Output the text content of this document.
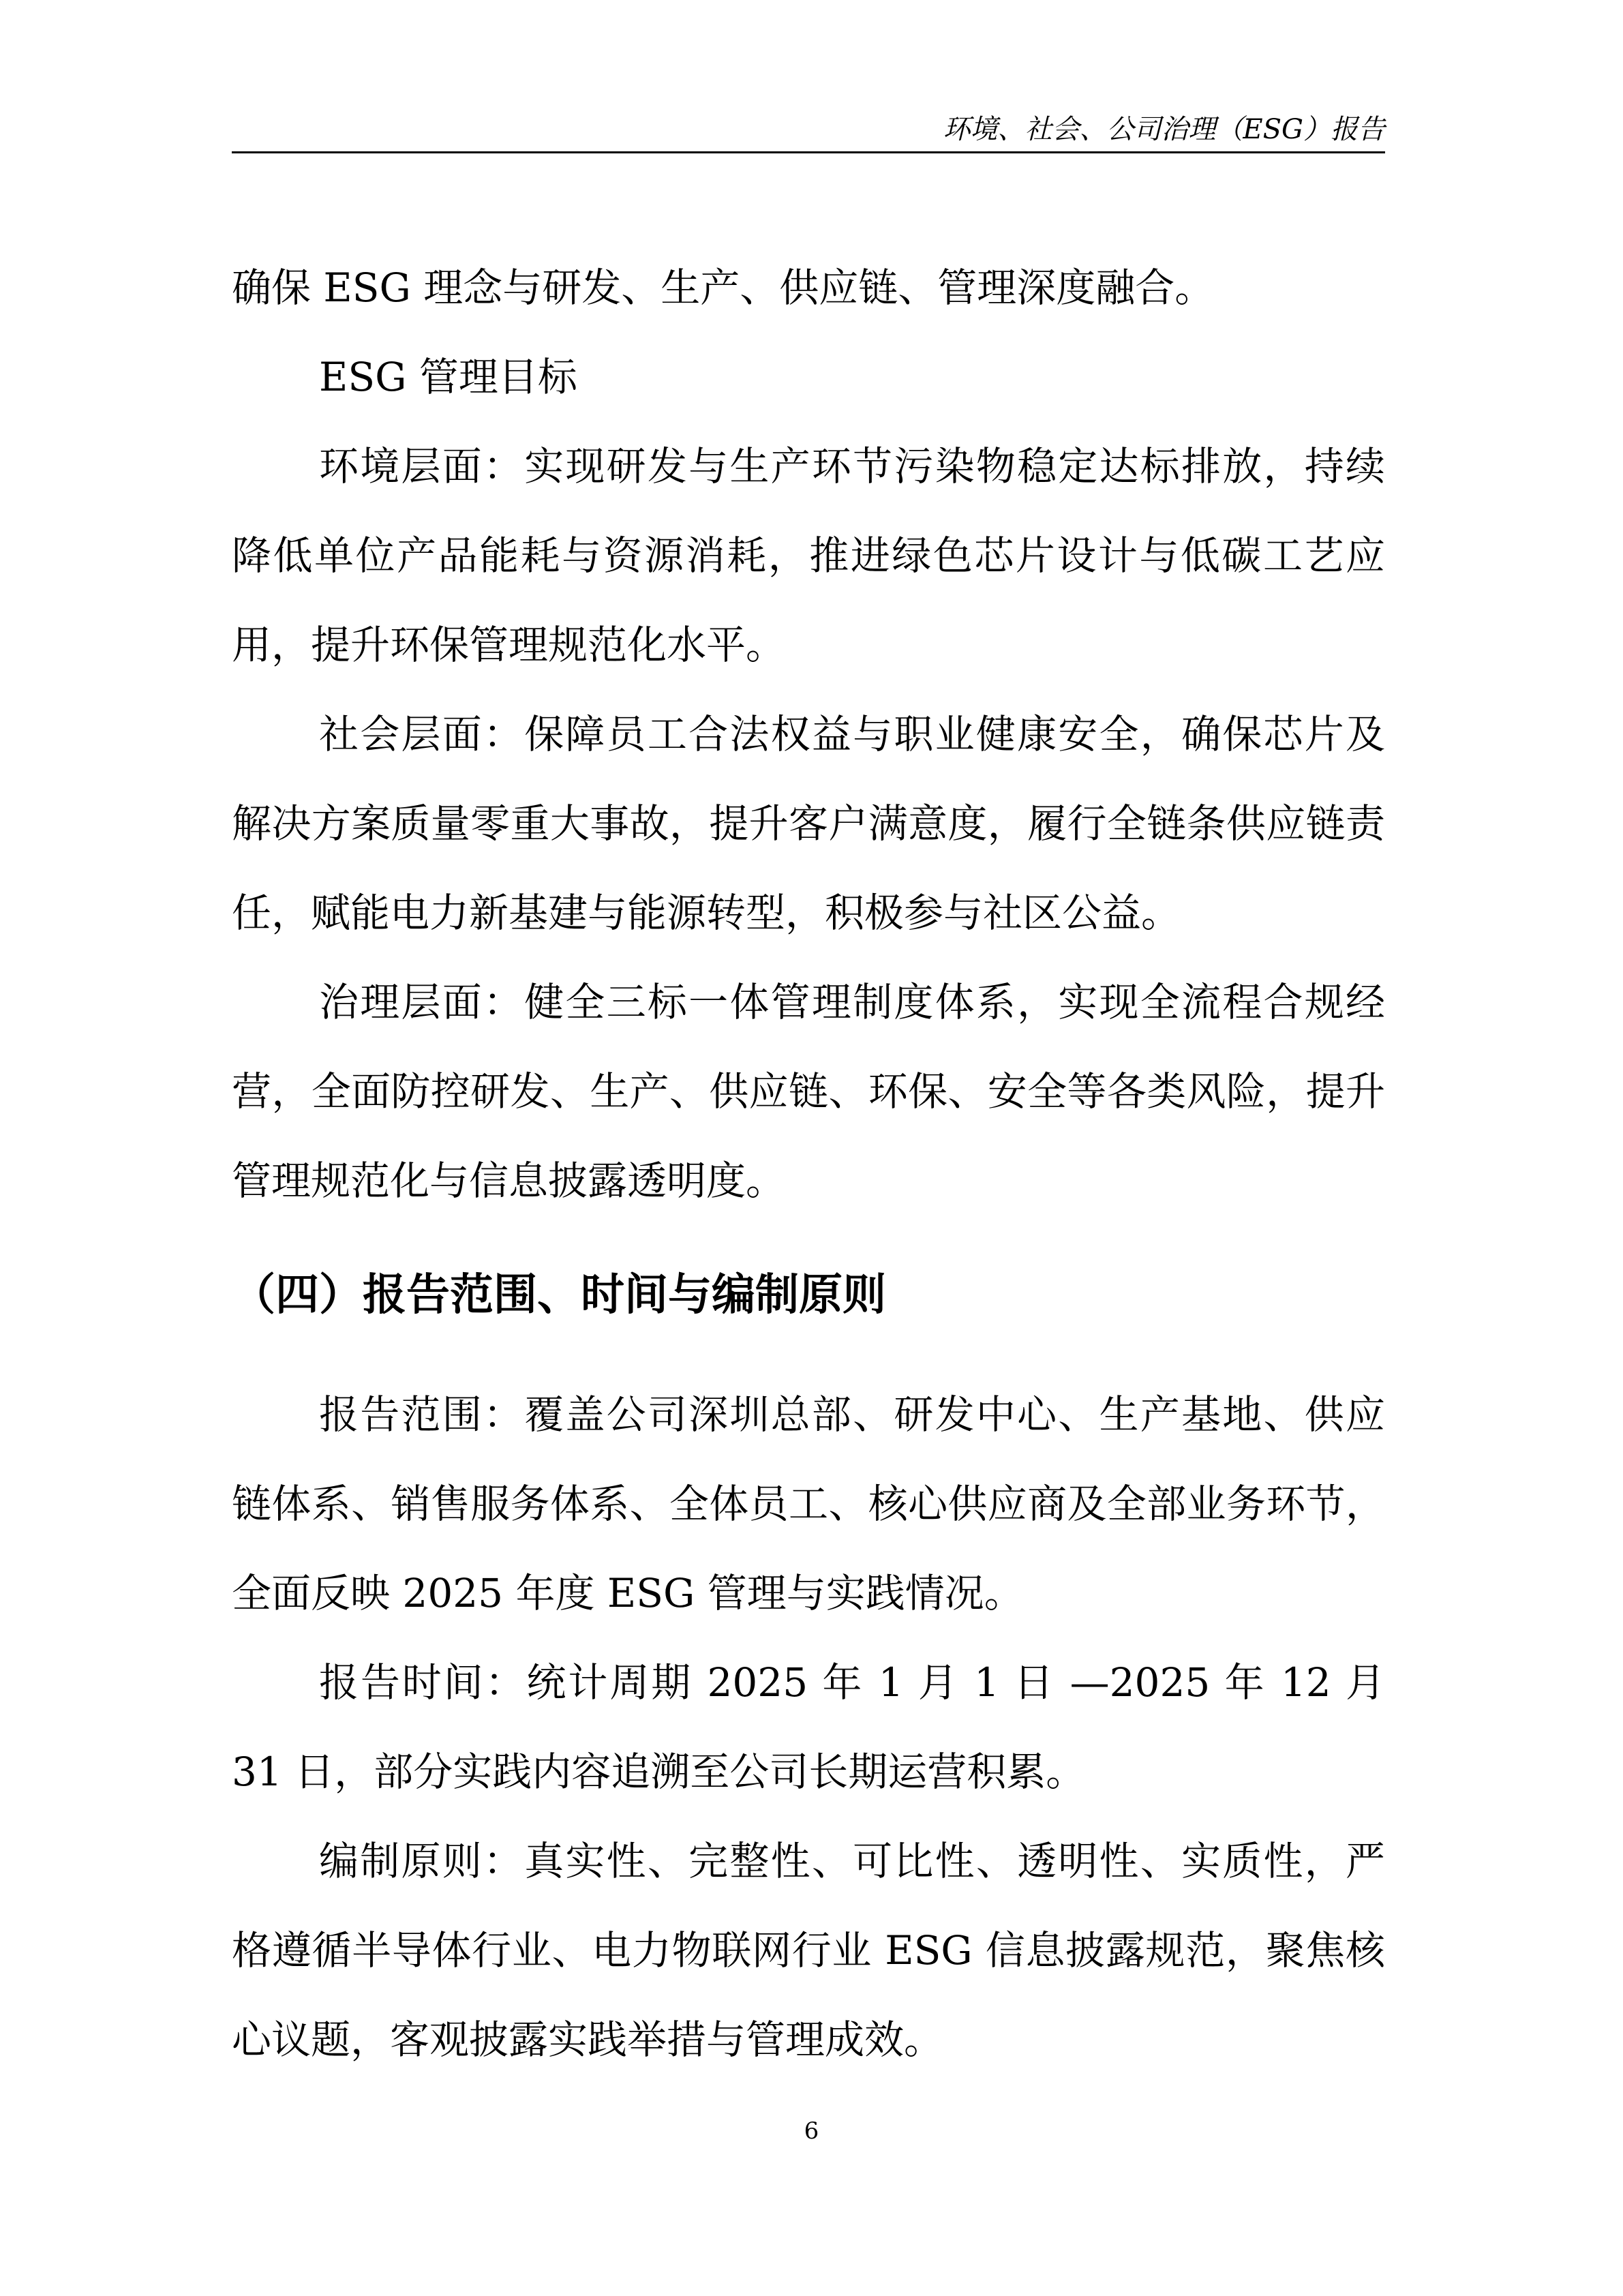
环境、社会、公司治理（ESG）报告

确保 ESG 理念与研发、生产、供应链、管理深度融合。

ESG 管理目标

环境层面：实现研发与生产环节污染物稳定达标排放，持续降低单位产品能耗与资源消耗，推进绿色芯片设计与低碳工艺应用，提升环保管理规范化水平。

社会层面：保障员工合法权益与职业健康安全，确保芯片及解决方案质量零重大事故，提升客户满意度，履行全链条供应链责任，赋能电力新基建与能源转型，积极参与社区公益。

治理层面：健全三标一体管理制度体系，实现全流程合规经营，全面防控研发、生产、供应链、环保、安全等各类风险，提升管理规范化与信息披露透明度。

（四）报告范围、时间与编制原则

报告范围：覆盖公司深圳总部、研发中心、生产基地、供应链体系、销售服务体系、全体员工、核心供应商及全部业务环节，全面反映 2025 年度 ESG 管理与实践情况。

报告时间：统计周期 2025 年 1 月 1 日 —2025 年 12 月 31 日，部分实践内容追溯至公司长期运营积累。

编制原则：真实性、完整性、可比性、透明性、实质性，严格遵循半导体行业、电力物联网行业 ESG 信息披露规范，聚焦核心议题，客观披露实践举措与管理成效。

6
